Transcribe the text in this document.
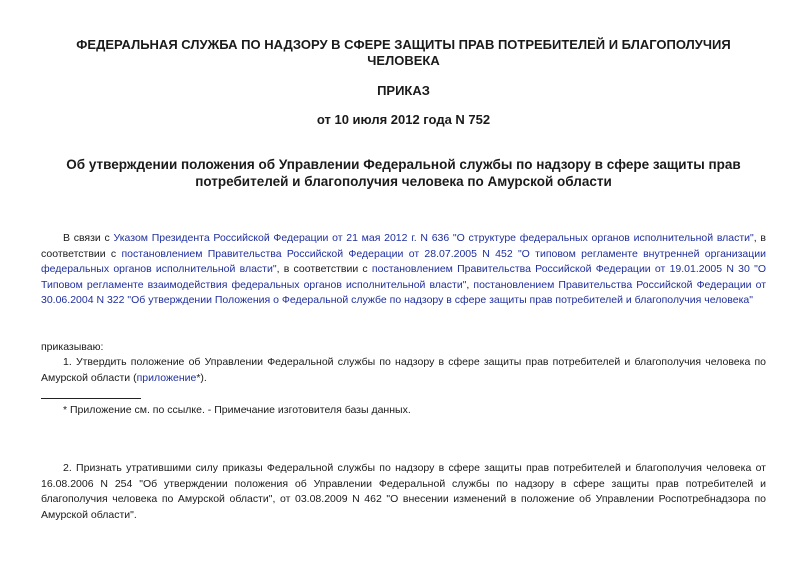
ФЕДЕРАЛЬНАЯ СЛУЖБА ПО НАДЗОРУ В СФЕРЕ ЗАЩИТЫ ПРАВ ПОТРЕБИТЕЛЕЙ И БЛАГОПОЛУЧИЯ ЧЕЛОВЕКА

ПРИКАЗ

от 10 июля 2012 года N 752

Об утверждении положения об Управлении Федеральной службы по надзору в сфере защиты прав потребителей и благополучия человека по Амурской области

В связи с Указом Президента Российской Федерации от 21 мая 2012 г. N 636 "О структуре федеральных органов исполнительной власти", в соответствии с постановлением Правительства Российской Федерации от 28.07.2005 N 452 "О типовом регламенте внутренней организации федеральных органов исполнительной власти", в соответствии с постановлением Правительства Российской Федерации от 19.01.2005 N 30 "О Типовом регламенте взаимодействия федеральных органов исполнительной власти", постановлением Правительства Российской Федерации от 30.06.2004 N 322 "Об утверждении Положения о Федеральной службе по надзору в сфере защиты прав потребителей и благополучия человека"

приказываю:

1. Утвердить положение об Управлении Федеральной службы по надзору в сфере защиты прав потребителей и благополучия человека по Амурской области (приложение*).

* Приложение см. по ссылке. - Примечание изготовителя базы данных.

2. Признать утратившими силу приказы Федеральной службы по надзору в сфере защиты прав потребителей и благополучия человека от 16.08.2006 N 254 "Об утверждении положения об Управлении Федеральной службы по надзору в сфере защиты прав потребителей и благополучия человека по Амурской области", от 03.08.2009 N 462 "О внесении изменений в положение об Управлении Роспотребнадзора по Амурской области".
